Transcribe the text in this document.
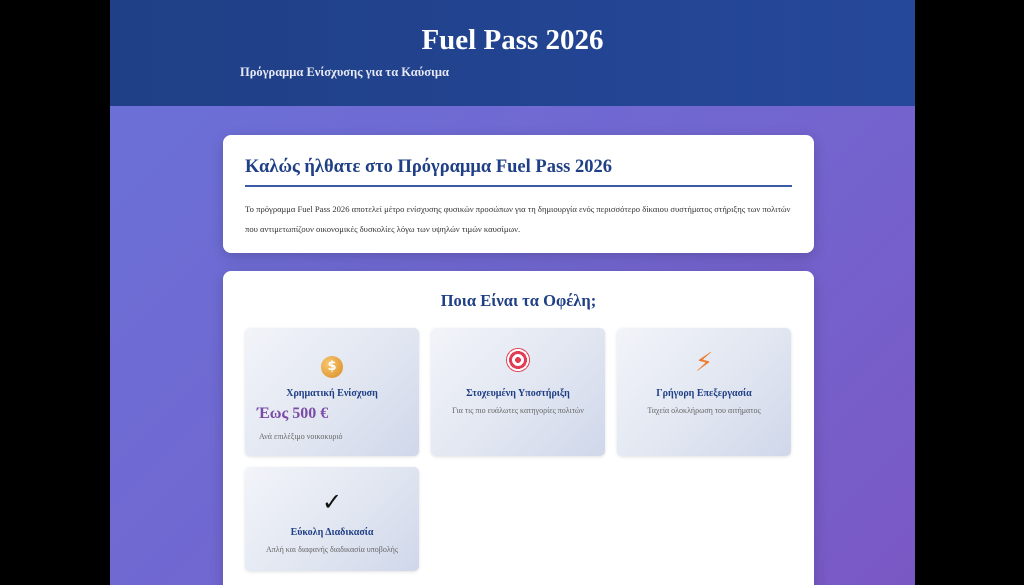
Fuel Pass 2026

Πρόγραμμα Ενίσχυσης για τα Καύσιμα

Καλώς ήλθατε στο Πρόγραμμα Fuel Pass 2026

Το πρόγραμμα Fuel Pass 2026 αποτελεί μέτρο ενίσχυσης φυσικών προσώπων για τη δημιουργία ενός περισσότερο δίκαιου συστήματος στήριξης των πολιτών που αντιμετωπίζουν οικονομικές δυσκολίες λόγω των υψηλών τιμών καυσίμων.

Ποια Είναι τα Οφέλη;
$
Χρηματική Ενίσχυση

Έως 500 €

Ανά επιλέξιμο νοικοκυριό

Στοχευμένη Υποστήριξη

Για τις πιο ευάλωτες κατηγορίες πολιτών

⚡
Γρήγορη Επεξεργασία

Ταχεία ολοκλήρωση του αιτήματος

✓
Εύκολη Διαδικασία

Απλή και διαφανής διαδικασία υποβολής
